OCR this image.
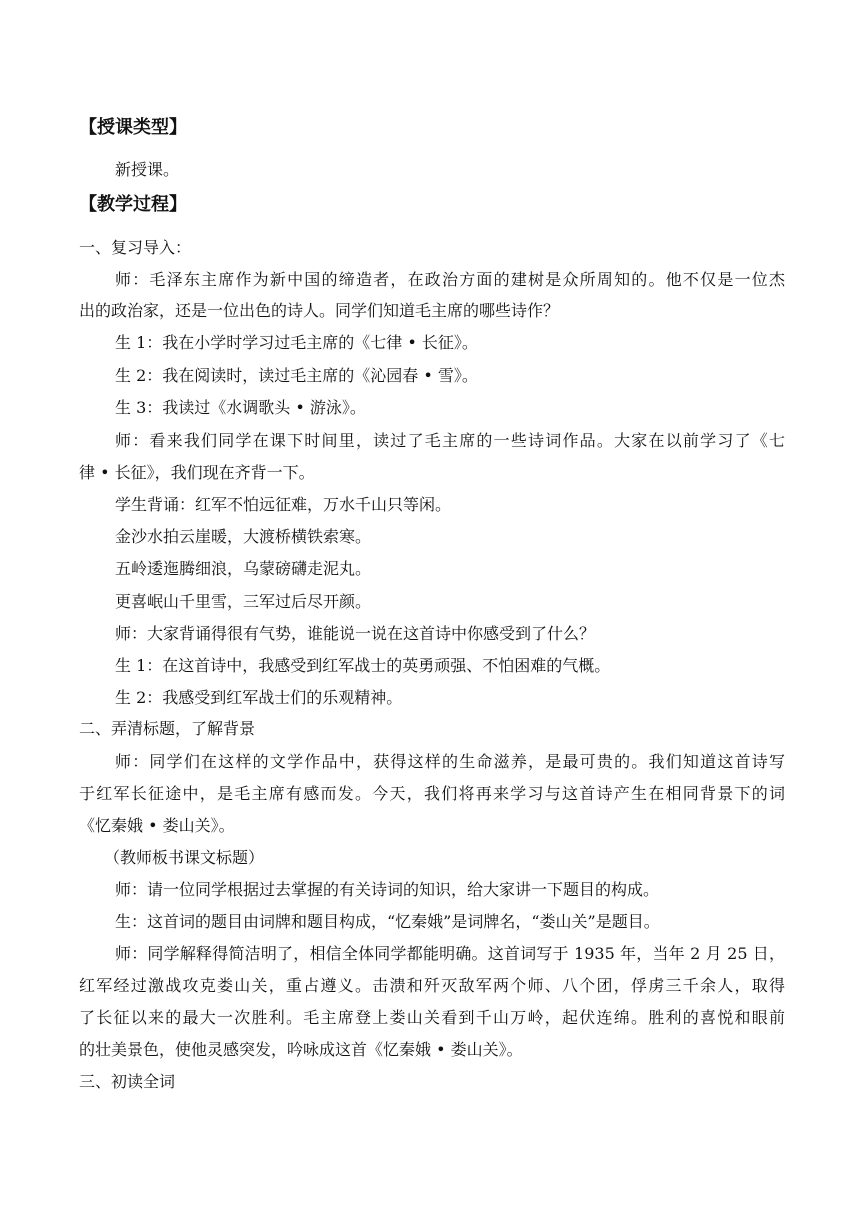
【授课类型】
新授课。
【教学过程】
一、复习导入：
师：毛泽东主席作为新中国的缔造者，在政治方面的建树是众所周知的。他不仅是一位杰
出的政治家，还是一位出色的诗人。同学们知道毛主席的哪些诗作？
生 1：我在小学时学习过毛主席的《七律 • 长征》。
生 2：我在阅读时，读过毛主席的《沁园春 • 雪》。
生 3：我读过《水调歌头 • 游泳》。
师：看来我们同学在课下时间里，读过了毛主席的一些诗词作品。大家在以前学习了《七
律 • 长征》，我们现在齐背一下。
学生背诵：红军不怕远征难，万水千山只等闲。
金沙水拍云崖暖，大渡桥横铁索寒。
五岭逶迤腾细浪，乌蒙磅礴走泥丸。
更喜岷山千里雪，三军过后尽开颜。
师：大家背诵得很有气势，谁能说一说在这首诗中你感受到了什么？
生 1：在这首诗中，我感受到红军战士的英勇顽强、不怕困难的气概。
生 2：我感受到红军战士们的乐观精神。
二、弄清标题，了解背景
师：同学们在这样的文学作品中，获得这样的生命滋养，是最可贵的。我们知道这首诗写
于红军长征途中，是毛主席有感而发。今天，我们将再来学习与这首诗产生在相同背景下的词
《忆秦娥 • 娄山关》。
（教师板书课文标题）
师：请一位同学根据过去掌握的有关诗词的知识，给大家讲一下题目的构成。
生：这首词的题目由词牌和题目构成，“忆秦娥”是词牌名，“娄山关”是题目。
师：同学解释得简洁明了，相信全体同学都能明确。这首词写于 1935 年，当年 2 月 25 日，
红军经过激战攻克娄山关，重占遵义。击溃和歼灭敌军两个师、八个团，俘虏三千余人，取得
了长征以来的最大一次胜利。毛主席登上娄山关看到千山万岭，起伏连绵。胜利的喜悦和眼前
的壮美景色，使他灵感突发，吟咏成这首《忆秦娥 • 娄山关》。
三、初读全词
